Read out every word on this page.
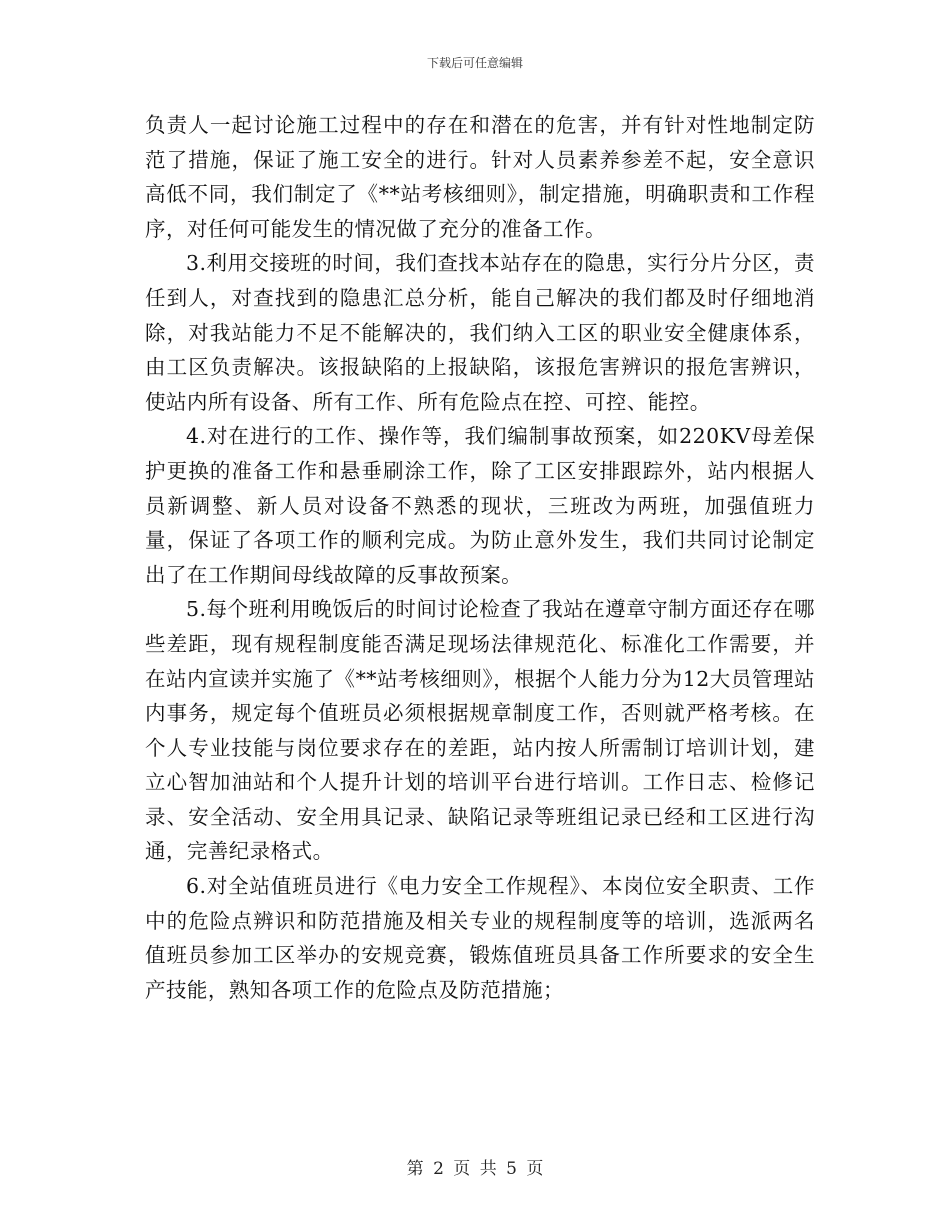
下载后可任意编辑

负责人一起讨论施工过程中的存在和潜在的危害，并有针对性地制定防范了措施，保证了施工安全的进行。针对人员素养参差不起，安全意识高低不同，我们制定了《**站考核细则》，制定措施，明确职责和工作程序，对任何可能发生的情况做了充分的准备工作。

3.利用交接班的时间，我们查找本站存在的隐患，实行分片分区，责任到人，对查找到的隐患汇总分析，能自己解决的我们都及时仔细地消除，对我站能力不足不能解决的，我们纳入工区的职业安全健康体系，由工区负责解决。该报缺陷的上报缺陷，该报危害辨识的报危害辨识，使站内所有设备、所有工作、所有危险点在控、可控、能控。

4.对在进行的工作、操作等，我们编制事故预案，如220KV母差保护更换的准备工作和悬垂刷涂工作，除了工区安排跟踪外，站内根据人员新调整、新人员对设备不熟悉的现状，三班改为两班，加强值班力量，保证了各项工作的顺利完成。为防止意外发生，我们共同讨论制定出了在工作期间母线故障的反事故预案。

5.每个班利用晚饭后的时间讨论检查了我站在遵章守制方面还存在哪些差距，现有规程制度能否满足现场法律规范化、标准化工作需要，并在站内宣读并实施了《**站考核细则》，根据个人能力分为12大员管理站内事务，规定每个值班员必须根据规章制度工作，否则就严格考核。在个人专业技能与岗位要求存在的差距，站内按人所需制订培训计划，建立心智加油站和个人提升计划的培训平台进行培训。工作日志、检修记录、安全活动、安全用具记录、缺陷记录等班组记录已经和工区进行沟通，完善纪录格式。

6.对全站值班员进行《电力安全工作规程》、本岗位安全职责、工作中的危险点辨识和防范措施及相关专业的规程制度等的培训，选派两名值班员参加工区举办的安规竞赛，锻炼值班员具备工作所要求的安全生产技能，熟知各项工作的危险点及防范措施；

第 2 页 共 5 页
